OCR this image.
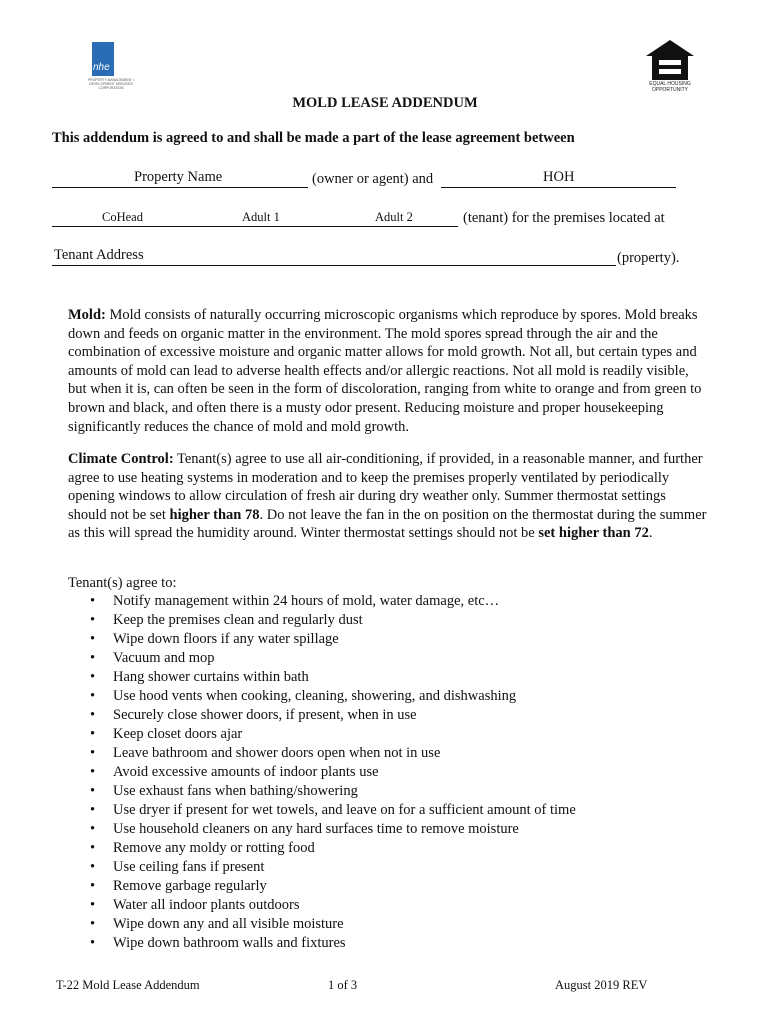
nhe
PROPERTY MANAGEMENT • DEVELOPMENT SERVICES CORPORATION
EQUAL HOUSING OPPORTUNITY
MOLD LEASE ADDENDUM
This addendum is agreed to and shall be made a part of the lease agreement between
Property Name	(owner or agent) and	HOH
CoHead	Adult 1	Adult 2	(tenant) for the premises located at
Tenant Address	(property).
Mold: Mold consists of naturally occurring microscopic organisms which reproduce by spores. Mold breaks down and feeds on organic matter in the environment. The mold spores spread through the air and the combination of excessive moisture and organic matter allows for mold growth. Not all, but certain types and amounts of mold can lead to adverse health effects and/or allergic reactions. Not all mold is readily visible, but when it is, can often be seen in the form of discoloration, ranging from white to orange and from green to brown and black, and often there is a musty odor present. Reducing moisture and proper housekeeping significantly reduces the chance of mold and mold growth.
Climate Control: Tenant(s) agree to use all air-conditioning, if provided, in a reasonable manner, and further agree to use heating systems in moderation and to keep the premises properly ventilated by periodically opening windows to allow circulation of fresh air during dry weather only. Summer thermostat settings should not be set higher than 78. Do not leave the fan in the on position on the thermostat during the summer as this will spread the humidity around. Winter thermostat settings should not be set higher than 72.
Tenant(s) agree to:
• Notify management within 24 hours of mold, water damage, etc…
• Keep the premises clean and regularly dust
• Wipe down floors if any water spillage
• Vacuum and mop
• Hang shower curtains within bath
• Use hood vents when cooking, cleaning, showering, and dishwashing
• Securely close shower doors, if present, when in use
• Keep closet doors ajar
• Leave bathroom and shower doors open when not in use
• Avoid excessive amounts of indoor plants use
• Use exhaust fans when bathing/showering
• Use dryer if present for wet towels, and leave on for a sufficient amount of time
• Use household cleaners on any hard surfaces time to remove moisture
• Remove any moldy or rotting food
• Use ceiling fans if present
• Remove garbage regularly
• Water all indoor plants outdoors
• Wipe down any and all visible moisture
• Wipe down bathroom walls and fixtures
T-22 Mold Lease Addendum	1 of 3	August 2019 REV
